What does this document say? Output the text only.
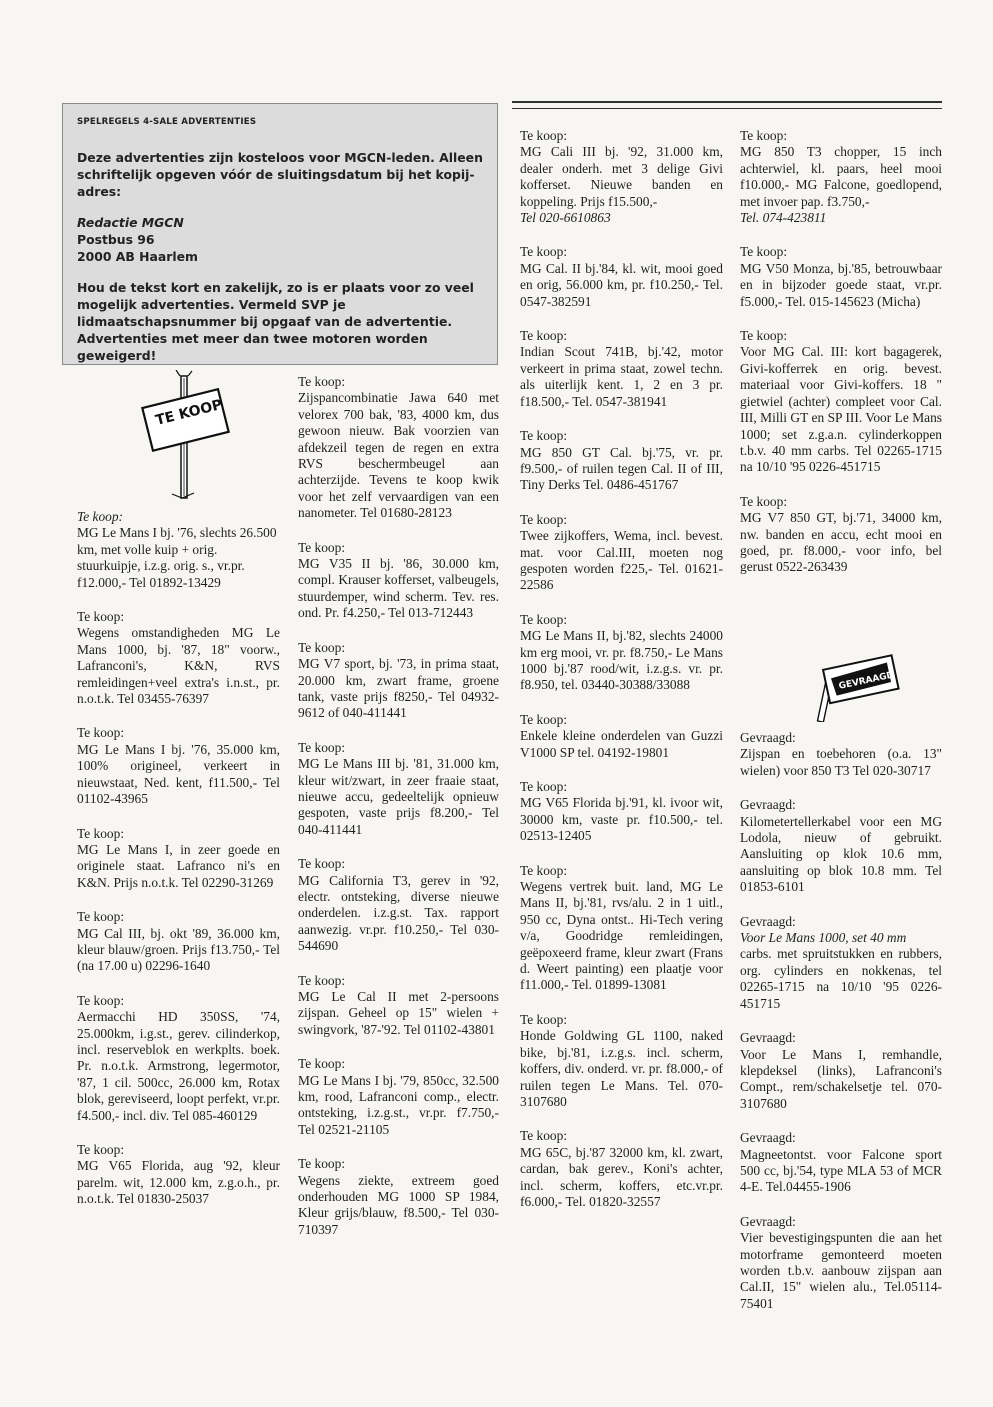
SPELREGELS 4-SALE ADVERTENTIES

Deze advertenties zijn kosteloos voor MGCN-leden. Alleen schriftelijk opgeven vóór de sluitingsdatum bij het kopij-adres:

Redactie MGCN
Postbus 96
2000 AB Haarlem

Hou de tekst kort en zakelijk, zo is er plaats voor zo veel mogelijk advertenties. Vermeld SVP je lidmaatschapsnummer bij opgaaf van de advertentie. Advertenties met meer dan twee motoren worden geweigerd!

TE KOOP
GEVRAAGD
Te koop:
MG Le Mans I bj. '76, slechts 26.500 km, met volle kuip + orig. stuurkuipje, i.z.g. orig. s., vr.pr. f12.000,- Tel 01892-13429
Te koop:
Wegens omstandigheden MG Le Mans 1000, bj. '87, 18" voorw., Lafranconi's, K&N, RVS remleidingen+veel extra's i.n.st., pr. n.o.t.k. Tel 03455-76397
Te koop:
MG Le Mans I bj. '76, 35.000 km, 100% origineel, verkeert in nieuwstaat, Ned. kent, f11.500,- Tel 01102-43965
Te koop:
MG Le Mans I, in zeer goede en originele staat. Lafranco ni's en K&N. Prijs n.o.t.k. Tel 02290-31269
Te koop:
MG Cal III, bj. okt '89, 36.000 km, kleur blauw/groen. Prijs f13.750,- Tel (na 17.00 u) 02296-1640
Te koop:
Aermacchi HD 350SS, '74, 25.000km, i.g.st., gerev. cilinderkop, incl. reserveblok en werkplts. boek. Pr. n.o.t.k. Armstrong, legermotor, '87, 1 cil. 500cc, 26.000 km, Rotax blok, gereviseerd, loopt perfekt, vr.pr. f4.500,- incl. div. Tel 085-460129
Te koop:
MG V65 Florida, aug '92, kleur parelm. wit, 12.000 km, z.g.o.h., pr. n.o.t.k. Tel 01830-25037
Te koop:
Zijspancombinatie Jawa 640 met velorex 700 bak, '83, 4000 km, dus gewoon nieuw. Bak voorzien van afdekzeil tegen de regen en extra RVS beschermbeugel aan achterzijde. Tevens te koop kwik voor het zelf vervaardigen van een nanometer. Tel 01680-28123
Te koop:
MG V35 II bj. '86, 30.000 km, compl. Krauser kofferset, valbeugels, stuurdemper, wind scherm. Tev. res. ond. Pr. f4.250,- Tel 013-712443
Te koop:
MG V7 sport, bj. '73, in prima staat, 20.000 km, zwart frame, groene tank, vaste prijs f8250,- Tel 04932-9612 of 040-411441
Te koop:
MG Le Mans III bj. '81, 31.000 km, kleur wit/zwart, in zeer fraaie staat, nieuwe accu, gedeeltelijk opnieuw gespoten, vaste prijs f8.200,- Tel 040-411441
Te koop:
MG California T3, gerev in '92, electr. ontsteking, diverse nieuwe onderdelen. i.z.g.st. Tax. rapport aanwezig. vr.pr. f10.250,- Tel 030-544690
Te koop:
MG Le Cal II met 2-persoons zijspan. Geheel op 15" wielen + swingvork, '87-'92. Tel 01102-43801
Te koop:
MG Le Mans I bj. '79, 850cc, 32.500 km, rood, Lafranconi comp., electr. ontsteking, i.z.g.st., vr.pr. f7.750,- Tel 02521-21105
Te koop:
Wegens ziekte, extreem goed onderhouden MG 1000 SP 1984, Kleur grijs/blauw, f8.500,- Tel 030-710397
Te koop:
MG Cali III bj. '92, 31.000 km, dealer onderh. met 3 delige Givi kofferset. Nieuwe banden en koppeling. Prijs f15.500,-
Tel 020-6610863
Te koop:
MG Cal. II bj.'84, kl. wit, mooi goed en orig, 56.000 km, pr. f10.250,- Tel. 0547-382591
Te koop:
Indian Scout 741B, bj.'42, motor verkeert in prima staat, zowel techn. als uiterlijk kent. 1, 2 en 3 pr. f18.500,- Tel. 0547-381941
Te koop:
MG 850 GT Cal. bj.'75, vr. pr. f9.500,- of ruilen tegen Cal. II of III, Tiny Derks Tel. 0486-451767
Te koop:
Twee zijkoffers, Wema, incl. bevest. mat. voor Cal.III, moeten nog gespoten worden f225,- Tel. 01621-22586
Te koop:
MG Le Mans II, bj.'82, slechts 24000 km erg mooi, vr. pr. f8.750,- Le Mans 1000 bj.'87 rood/wit, i.z.g.s. vr. pr. f8.950, tel. 03440-30388/33088
Te koop:
Enkele kleine onderdelen van Guzzi V1000 SP tel. 04192-19801
Te koop:
MG V65 Florida bj.'91, kl. ivoor wit, 30000 km, vaste pr. f10.500,- tel. 02513-12405
Te koop:
Wegens vertrek buit. land, MG Le Mans II, bj.'81, rvs/alu. 2 in 1 uitl., 950 cc, Dyna ontst.. Hi-Tech vering v/a, Goodridge remleidingen, geëpoxeerd frame, kleur zwart (Frans d. Weert painting) een plaatje voor f11.000,- Tel. 01899-13081
Te koop:
Honde Goldwing GL 1100, naked bike, bj.'81, i.z.g.s. incl. scherm, koffers, div. onderd. vr. pr. f8.000,- of ruilen tegen Le Mans. Tel. 070-3107680
Te koop:
MG 65C, bj.'87 32000 km, kl. zwart, cardan, bak gerev., Koni's achter, incl. scherm, koffers, etc.vr.pr. f6.000,- Tel. 01820-32557
Te koop:
MG 850 T3 chopper, 15 inch achterwiel, kl. paars, heel mooi f10.000,- MG Falcone, goedlopend, met invoer pap. f3.750,-
Tel. 074-423811
Te koop:
MG V50 Monza, bj.'85, betrouwbaar en in bijzoder goede staat, vr.pr. f5.000,- Tel. 015-145623 (Micha)
Te koop:
Voor MG Cal. III: kort bagagerek, Givi-kofferrek en orig. bevest. materiaal voor Givi-koffers. 18 " gietwiel (achter) compleet voor Cal. III, Milli GT en SP III. Voor Le Mans 1000; set z.g.a.n. cylinderkoppen t.b.v. 40 mm carbs. Tel 02265-1715 na 10/10 '95 0226-451715
Te koop:
MG V7 850 GT, bj.'71, 34000 km, nw. banden en accu, echt mooi en goed, pr. f8.000,- voor info, bel gerust 0522-263439
Gevraagd:
Zijspan en toebehoren (o.a. 13" wielen) voor 850 T3 Tel 020-30717
Gevraagd:
Kilometertellerkabel voor een MG Lodola, nieuw of gebruikt. Aansluiting op klok 10.6 mm, aansluiting op blok 10.8 mm. Tel 01853-6101
Gevraagd:
Voor Le Mans 1000, set 40 mm
carbs. met spruitstukken en rubbers, org. cylinders en nokkenas, tel 02265-1715 na 10/10 '95 0226-451715
Gevraagd:
Voor Le Mans I, remhandle, klepdeksel (links), Lafranconi's Compt., rem/schakelsetje tel. 070-3107680
Gevraagd:
Magneetontst. voor Falcone sport 500 cc, bj.'54, type MLA 53 of MCR 4-E. Tel.04455-1906
Gevraagd:
Vier bevestigingspunten die aan het motorframe gemonteerd moeten worden t.b.v. aanbouw zijspan aan Cal.II, 15" wielen alu., Tel.05114-75401
